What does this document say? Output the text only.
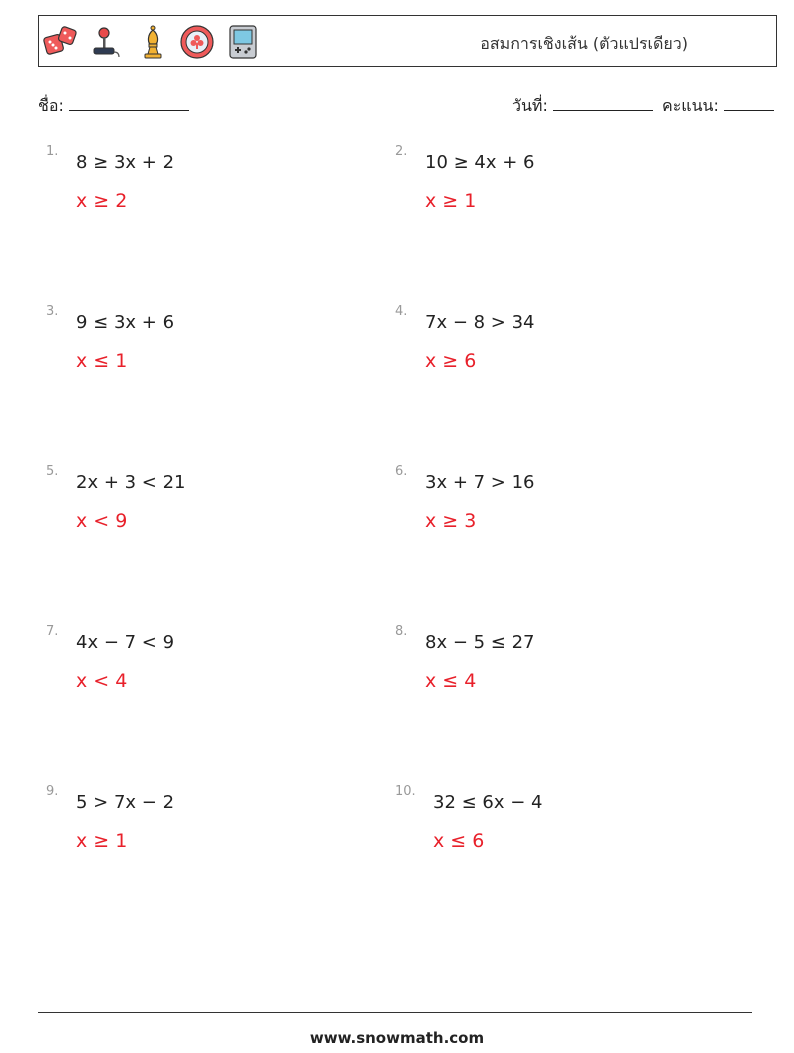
อสมการเชิงเส้น (ตัวแปรเดียว)
ชื่อ:	วันที่:	คะแนน:
1.
8 ≥ 3x + 2
x ≥ 2
2.
10 ≥ 4x + 6
x ≥ 1
3.
9 ≤ 3x + 6
x ≤ 1
4.
7x − 8 > 34
x ≥ 6
5.
2x + 3 < 21
x < 9
6.
3x + 7 > 16
x ≥ 3
7.
4x − 7 < 9
x < 4
8.
8x − 5 ≤ 27
x ≤ 4
9.
5 > 7x − 2
x ≥ 1
10.
32 ≤ 6x − 4
x ≤ 6
www.snowmath.com
